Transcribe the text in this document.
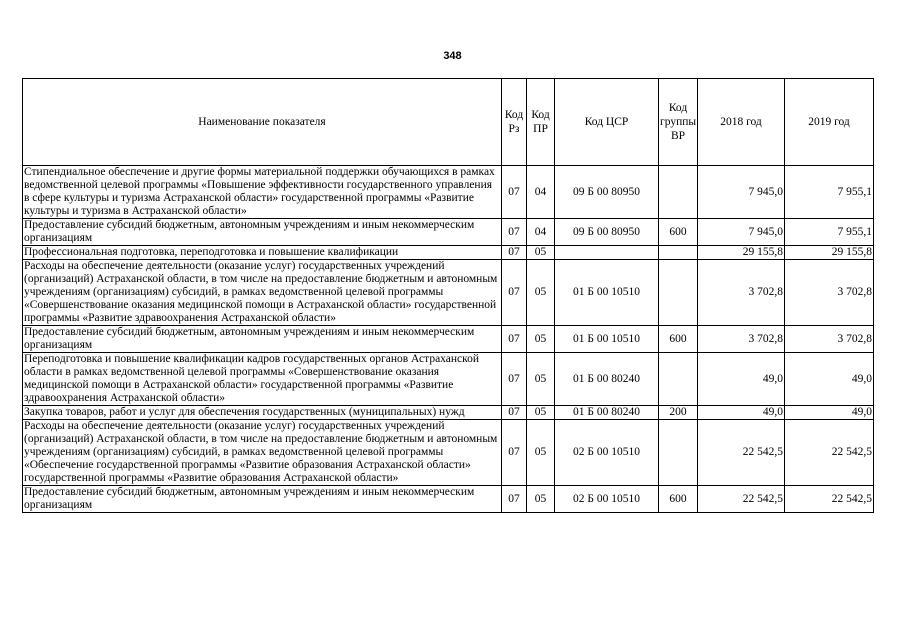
348
Наименование показателя	Код Рз	Код ПР	Код ЦСР	Код группы ВР	2018 год	2019 год
Стипендиальное обеспечение и другие формы материальной поддержки обучающихся в рамках ведомственной целевой программы «Повышение эффективности государственного управления в сфере культуры и туризма Астраханской области» государственной программы «Развитие культуры и туризма в Астраханской области»	07	04	09 Б 00 80950		7 945,0	7 955,1
Предоставление субсидий бюджетным, автономным учреждениям и иным некоммерческим организациям	07	04	09 Б 00 80950	600	7 945,0	7 955,1
Профессиональная подготовка, переподготовка и повышение квалификации	07	05			29 155,8	29 155,8
Расходы на обеспечение деятельности (оказание услуг) государственных учреждений (организаций) Астраханской области, в том числе на предоставление бюджетным и автономным учреждениям (организациям) субсидий, в рамках ведомственной целевой программы «Совершенствование оказания медицинской помощи в Астраханской области» государственной программы «Развитие здравоохранения Астраханской области»	07	05	01 Б 00 10510		3 702,8	3 702,8
Предоставление субсидий бюджетным, автономным учреждениям и иным некоммерческим организациям	07	05	01 Б 00 10510	600	3 702,8	3 702,8
Переподготовка и повышение квалификации кадров государственных органов Астраханской области в рамках ведомственной целевой программы «Совершенствование оказания медицинской помощи в Астраханской области» государственной программы «Развитие здравоохранения Астраханской области»	07	05	01 Б 00 80240		49,0	49,0
Закупка товаров, работ и услуг для обеспечения государственных (муниципальных) нужд	07	05	01 Б 00 80240	200	49,0	49,0
Расходы на обеспечение деятельности (оказание услуг) государственных учреждений (организаций) Астраханской области, в том числе на предоставление бюджетным и автономным учреждениям (организациям) субсидий, в рамках ведомственной целевой программы «Обеспечение государственной программы «Развитие образования Астраханской области» государственной программы «Развитие образования Астраханской области»	07	05	02 Б 00 10510		22 542,5	22 542,5
Предоставление субсидий бюджетным, автономным учреждениям и иным некоммерческим организациям	07	05	02 Б 00 10510	600	22 542,5	22 542,5
